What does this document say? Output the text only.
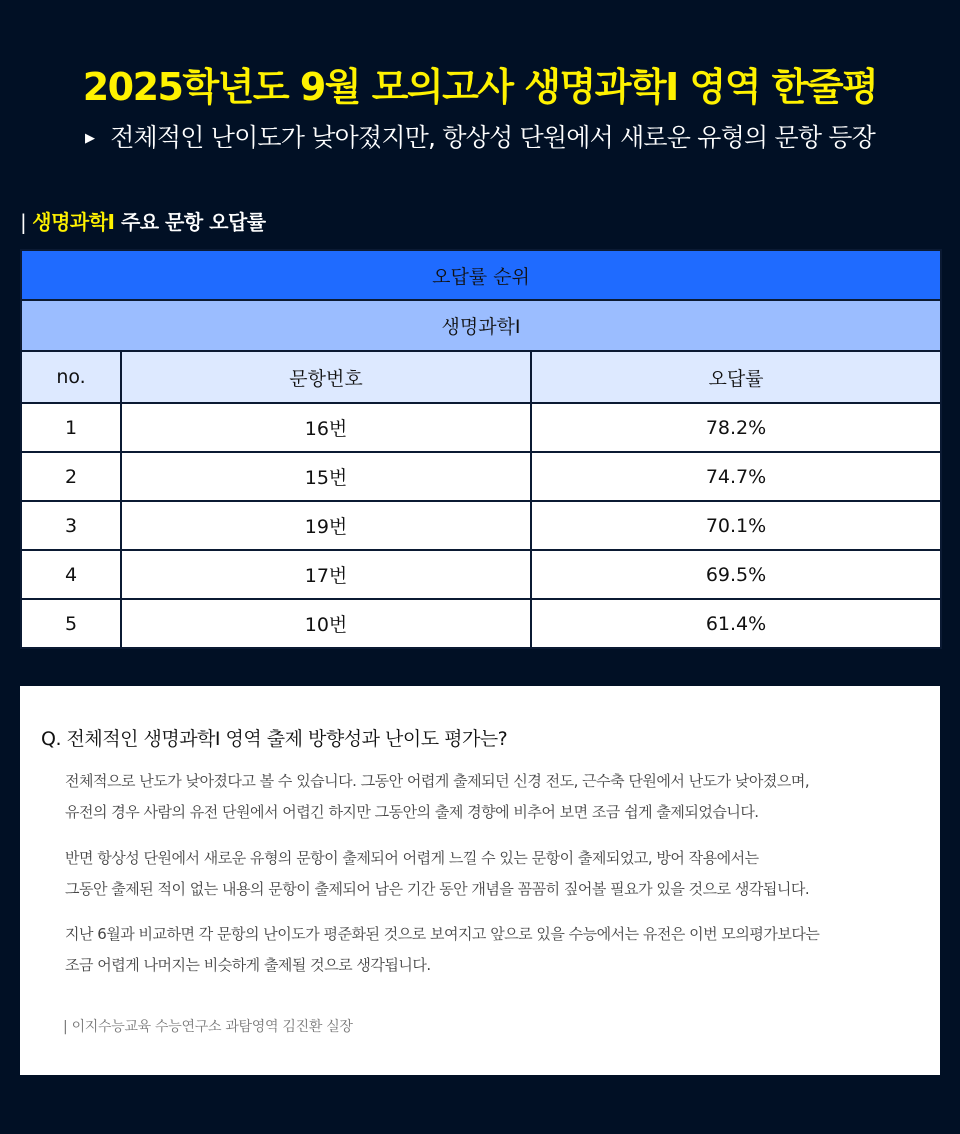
2025학년도 9월 모의고사 생명과학Ⅰ 영역 한줄평
▶ 전체적인 난이도가 낮아졌지만, 항상성 단원에서 새로운 유형의 문항 등장
| 생명과학Ⅰ 주요 문항 오답률
오답률 순위		
생명과학Ⅰ		
no.	문항번호	오답률
1	16번	78.2%
2	15번	74.7%
3	19번	70.1%
4	17번	69.5%
5	10번	61.4%
Q. 전체적인 생명과학Ⅰ 영역 출제 방향성과 난이도 평가는?
전체적으로 난도가 낮아졌다고 볼 수 있습니다. 그동안 어렵게 출제되던 신경 전도, 근수축 단원에서 난도가 낮아졌으며,
유전의 경우 사람의 유전 단원에서 어렵긴 하지만 그동안의 출제 경향에 비추어 보면 조금 쉽게 출제되었습니다.
반면 항상성 단원에서 새로운 유형의 문항이 출제되어 어렵게 느낄 수 있는 문항이 출제되었고, 방어 작용에서는
그동안 출제된 적이 없는 내용의 문항이 출제되어 남은 기간 동안 개념을 꼼꼼히 짚어볼 필요가 있을 것으로 생각됩니다.
지난 6월과 비교하면 각 문항의 난이도가 평준화된 것으로 보여지고 앞으로 있을 수능에서는 유전은 이번 모의평가보다는
조금 어렵게 나머지는 비슷하게 출제될 것으로 생각됩니다.
| 이지수능교육 수능연구소 과탐영역 김진환 실장
